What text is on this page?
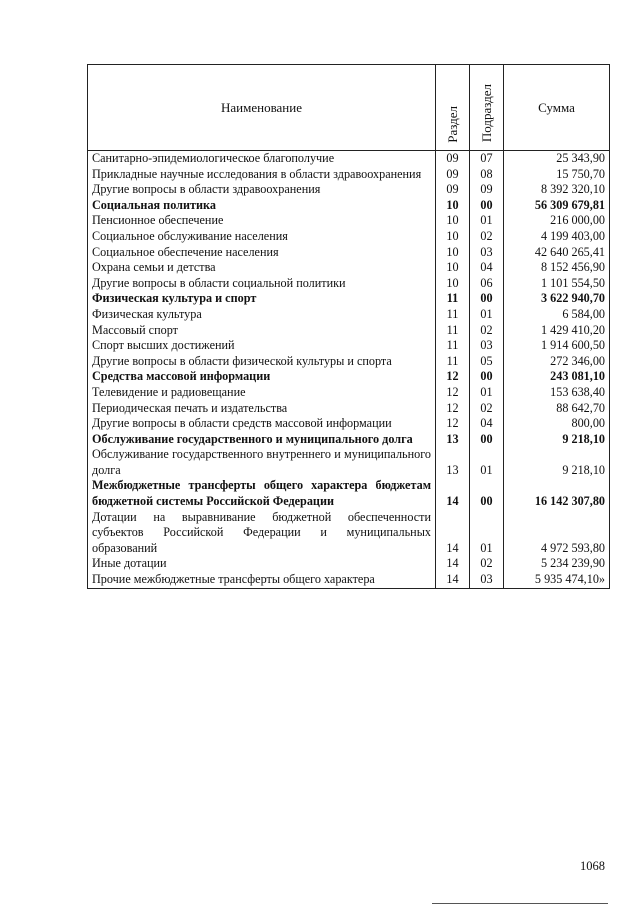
Наименование	Раздел	Подраздел	Сумма
Санитарно-эпидемиологическое благополучие	09	07	25 343,90
Прикладные научные исследования в области здравоохранения	09	08	15 750,70
Другие вопросы в области здравоохранения	09	09	8 392 320,10
Социальная политика	10	00	56 309 679,81
Пенсионное обеспечение	10	01	216 000,00
Социальное обслуживание населения	10	02	4 199 403,00
Социальное обеспечение населения	10	03	42 640 265,41
Охрана семьи и детства	10	04	8 152 456,90
Другие вопросы в области социальной политики	10	06	1 101 554,50
Физическая культура и спорт	11	00	3 622 940,70
Физическая культура	11	01	6 584,00
Массовый спорт	11	02	1 429 410,20
Спорт высших достижений	11	03	1 914 600,50
Другие вопросы в области физической культуры и спорта	11	05	272 346,00
Средства массовой информации	12	00	243 081,10
Телевидение и радиовещание	12	01	153 638,40
Периодическая печать и издательства	12	02	88 642,70
Другие вопросы в области средств массовой информации	12	04	800,00
Обслуживание государственного и муниципального долга	13	00	9 218,10
Обслуживание государственного внутреннего и муниципального долга	13	01	9 218,10
Межбюджетные трансферты общего характера бюджетам бюджетной системы Российской Федерации	14	00	16 142 307,80
Дотации на выравнивание бюджетной обеспеченности субъектов Российской Федерации и муниципальных образований	14	01	4 972 593,80
Иные дотации	14	02	5 234 239,90
Прочие межбюджетные трансферты общего характера	14	03	5 935 474,10»
1068
